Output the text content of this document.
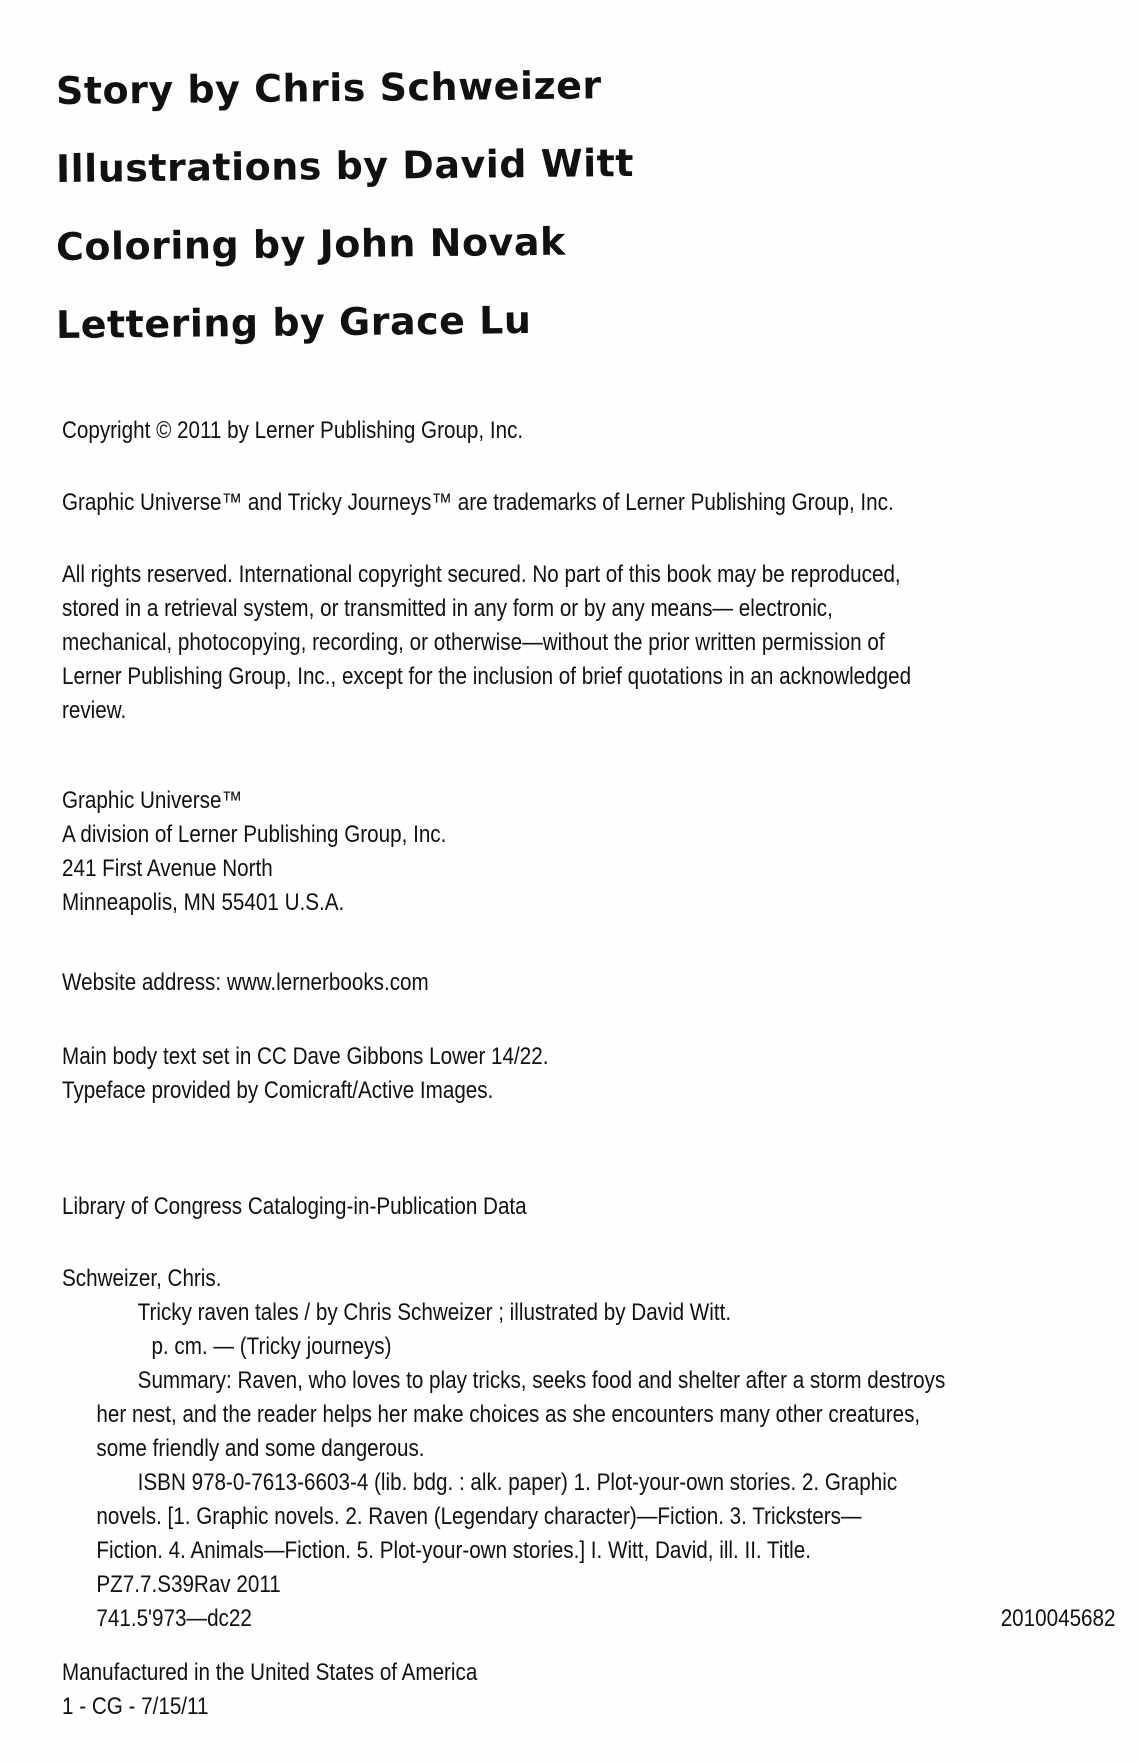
Story by Chris Schweizer
Illustrations by David Witt
Coloring by John Novak
Lettering by Grace Lu
Copyright © 2011 by Lerner Publishing Group, Inc.
Graphic Universe™ and Tricky Journeys™ are trademarks of Lerner Publishing Group, Inc.
All rights reserved. International copyright secured. No part of this book may be reproduced,
stored in a retrieval system, or transmitted in any form or by any means— electronic,
mechanical, photocopying, recording, or otherwise—without the prior written permission of
Lerner Publishing Group, Inc., except for the inclusion of brief quotations in an acknowledged
review.
Graphic Universe™
A division of Lerner Publishing Group, Inc.
241 First Avenue North
Minneapolis, MN 55401 U.S.A.
Website address: www.lernerbooks.com
Main body text set in CC Dave Gibbons Lower 14/22.
Typeface provided by Comicraft/Active Images.
Library of Congress Cataloging-in-Publication Data
Schweizer, Chris.
Tricky raven tales / by Chris Schweizer ; illustrated by David Witt.
p. cm. — (Tricky journeys)
Summary: Raven, who loves to play tricks, seeks food and shelter after a storm destroys
her nest, and the reader helps her make choices as she encounters many other creatures,
some friendly and some dangerous.
ISBN 978-0-7613-6603-4 (lib. bdg. : alk. paper) 1. Plot-your-own stories. 2. Graphic
novels. [1. Graphic novels. 2. Raven (Legendary character)—Fiction. 3. Tricksters—
Fiction. 4. Animals—Fiction. 5. Plot-your-own stories.] I. Witt, David, ill. II. Title.
PZ7.7.S39Rav 2011
741.5'973—dc22	2010045682
Manufactured in the United States of America
1 - CG - 7/15/11
